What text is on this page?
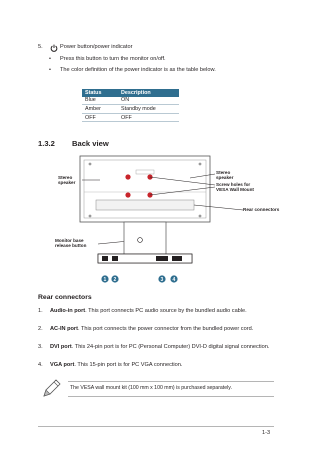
5.	Power button/power indicator
• Press this button to turn the monitor on/off.
• The color definition of the power indicator is as the table below.
Status	Description
Blue	ON
Amber	Standby mode
OFF	OFF
1.3.2 Back view
1 2	3 4
Stereo
speaker
Stereo
speaker
Screw holes for
VESA Wall Mount
Rear connectors
Monitor base
release button
Rear connectors
1. Audio-in port. This port connects PC audio source by the bundled audio cable.
2. AC-IN port. This port connects the power connector from the bundled power cord.
3. DVI port. This 24-pin port is for PC (Personal Computer) DVI-D digital signal connection.
4. VGA port. This 15-pin port is for PC VGA connection.
The VESA wall mount kit (100 mm x 100 mm) is purchased separately.
1-3
